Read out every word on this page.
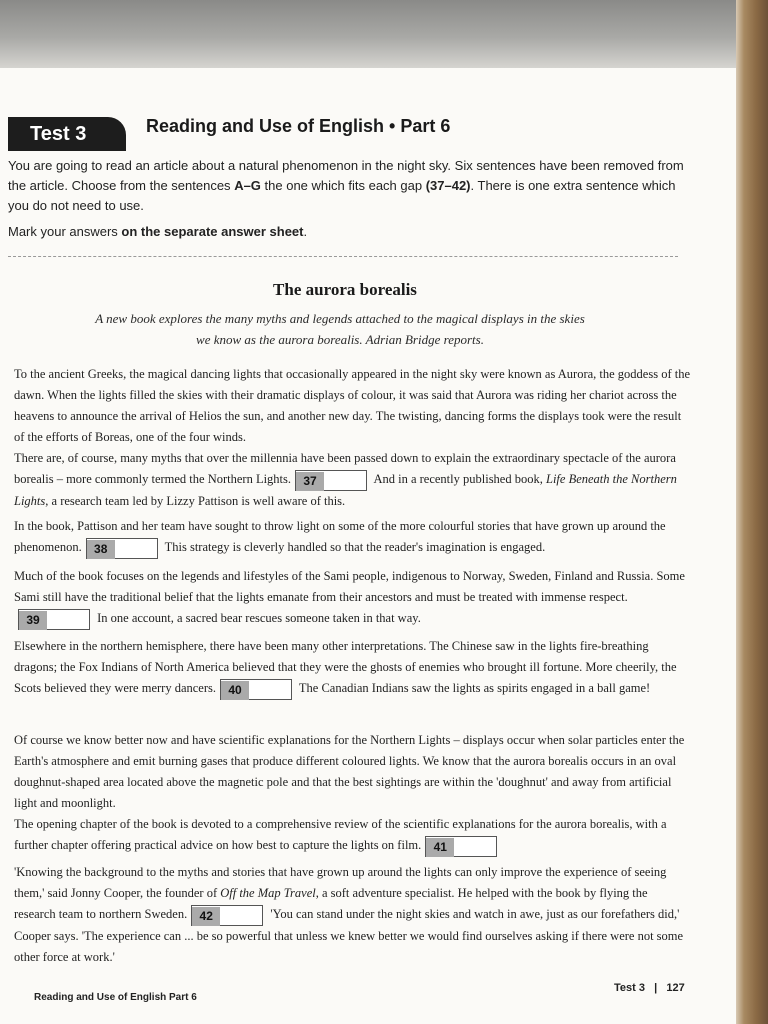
Test 3	Reading and Use of English • Part 6

You are going to read an article about a natural phenomenon in the night sky. Six sentences have been removed from the article. Choose from the sentences A–G the one which fits each gap (37–42). There is one extra sentence which you do not need to use.

Mark your answers on the separate answer sheet.

The aurora borealis
A new book explores the many myths and legends attached to the magical displays in the skies we know as the aurora borealis. Adrian Bridge reports.

To the ancient Greeks, the magical dancing lights that occasionally appeared in the night sky were known as Aurora, the goddess of the dawn. When the lights filled the skies with their dramatic displays of colour, it was said that Aurora was riding her chariot across the heavens to announce the arrival of Helios the sun, and another new day. The twisting, dancing forms the displays took were the result of the efforts of Boreas, one of the four winds.

There are, of course, many myths that over the millennia have been passed down to explain the extraordinary spectacle of the aurora borealis – more commonly termed the Northern Lights. 37	And in a recently published book, Life Beneath the Northern Lights, a research team led by Lizzy Pattison is well aware of this.

In the book, Pattison and her team have sought to throw light on some of the more colourful stories that have grown up around the phenomenon. 38	This strategy is cleverly handled so that the reader's imagination is engaged.

Much of the book focuses on the legends and lifestyles of the Sami people, indigenous to Norway, Sweden, Finland and Russia. Some Sami still have the traditional belief that the lights emanate from their ancestors and must be treated with immense respect.39	In one account, a sacred bear rescues someone taken in that way.

Elsewhere in the northern hemisphere, there have been many other interpretations. The Chinese saw in the lights fire-breathing dragons; the Fox Indians of North America believed that they were the ghosts of enemies who brought ill fortune. More cheerily, the Scots believed they were merry dancers. 40	The Canadian Indians saw the lights as spirits engaged in a ball game!

Of course we know better now and have scientific explanations for the Northern Lights – displays occur when solar particles enter the Earth's atmosphere and emit burning gases that produce different coloured lights. We know that the aurora borealis occurs in an oval doughnut-shaped area located above the magnetic pole and that the best sightings are within the 'doughnut' and away from artificial light and moonlight.

The opening chapter of the book is devoted to a comprehensive review of the scientific explanations for the aurora borealis, with a further chapter offering practical advice on how best to capture the lights on film. 41

'Knowing the background to the myths and stories that have grown up around the lights can only improve the experience of seeing them,' said Jonny Cooper, the founder of Off the Map Travel, a soft adventure specialist. He helped with the book by flying the research team to northern Sweden. 42	'You can stand under the night skies and watch in awe, just as our forefathers did,' Cooper says. 'The experience can ... be so powerful that unless we knew better we would find ourselves asking if there were not some other force at work.'

Reading and Use of English Part 6
Test 3 | 127
